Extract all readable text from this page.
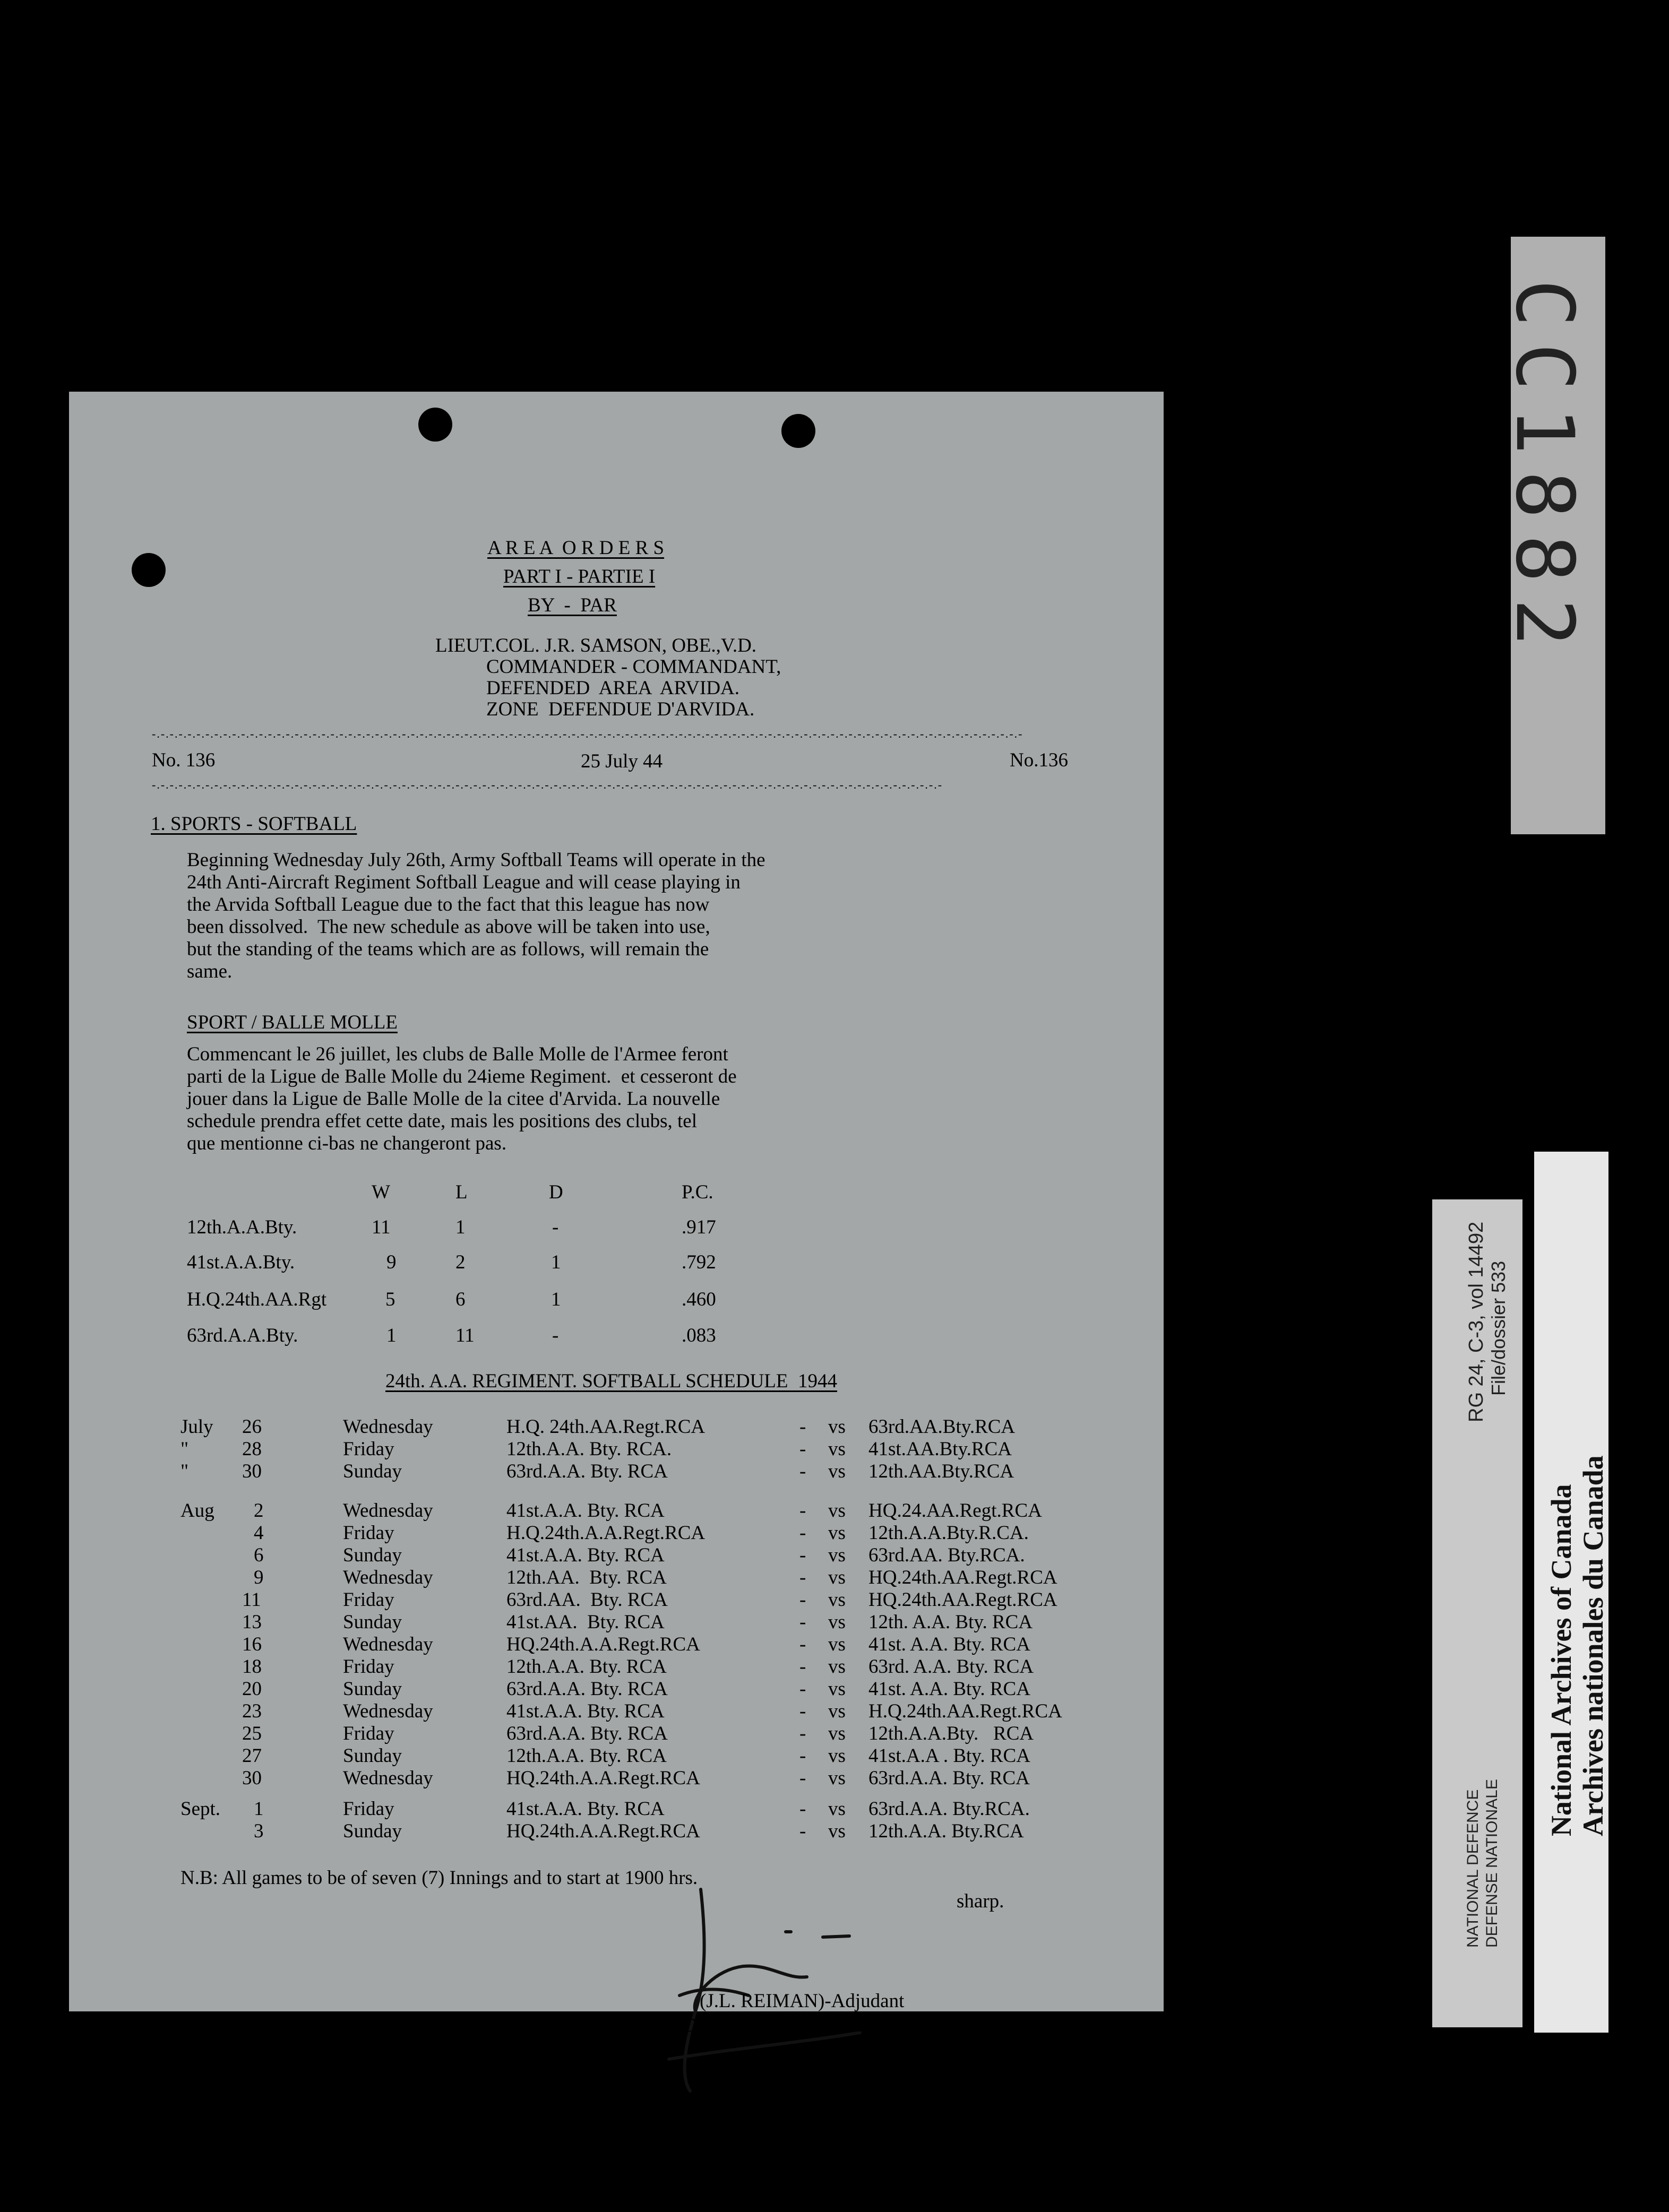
CC1882
A R E A  O R D E R S
PART I - PARTIE I
BY  -  PAR
LIEUT.COL. J.R. SAMSON, OBE.,V.D.
COMMANDER - COMMANDANT,
DEFENDED  AREA  ARVIDA.
ZONE  DEFENDUE D'ARVIDA.
-.-.-.-.-.-.-.-.-.-.-.-.-.-.-.-.-.-.-.-.-.-.-.-.-.-.-.-.-.-.-.-.-.-.-.-.-.-.-.-.-.-.-.-.-.-.-.-.-.-.-.-.-.-.-.-.-.-.-.-.-.-.-.-.-.-.-.-.-.-.-.-.-.-.-.-.-.-.-.-.-.-.-.-.-.-.-.-.-.-.-.-.-.-.-.-.-.-
No. 136	25 July 44	No.136
-.-.-.-.-.-.-.-.-.-.-.-.-.-.-.-.-.-.-.-.-.-.-.-.-.-.-.-.-.-.-.-.-.-.-.-.-.-.-.-.-.-.-.-.-.-.-.-.-.-.-.-.-.-.-.-.-.-.-.-.-.-.-.-.-.-.-.-.-.-.-.-.-.-.-.-.-.-.-.-.-.-.-.-.-.-.-.-.-
1. SPORTS - SOFTBALL
Beginning Wednesday July 26th, Army Softball Teams will operate in the
24th Anti-Aircraft Regiment Softball League and will cease playing in
the Arvida Softball League due to the fact that this league has now
been dissolved.  The new schedule as above will be taken into use,
but the standing of the teams which are as follows, will remain the
same.
SPORT / BALLE MOLLE
Commencant le 26 juillet, les clubs de Balle Molle de l'Armee feront
parti de la Ligue de Balle Molle du 24ieme Regiment.  et cesseront de
jouer dans la Ligue de Balle Molle de la citee d'Arvida. La nouvelle
schedule prendra effet cette date, mais les positions des clubs, tel
que mentionne ci-bas ne changeront pas.
W	L	D	P.C.
12th.A.A.Bty.	11	1	-	.917
41st.A.A.Bty.	9	2	1	.792
H.Q.24th.AA.Rgt	5	6	1	.460
63rd.A.A.Bty.	1	11	-	.083
24th. A.A. REGIMENT. SOFTBALL SCHEDULE  1944
July 26	Wednesday	H.Q. 24th.AA.Regt.RCA	- vs 63rd.AA.Bty.RCA
"	28	Friday	12th.A.A. Bty. RCA.	- vs 41st.AA.Bty.RCA
"	30	Sunday	63rd.A.A. Bty. RCA	- vs 12th.AA.Bty.RCA
Aug 2	Wednesday	41st.A.A. Bty. RCA	- vs HQ.24.AA.Regt.RCA
4	Friday	H.Q.24th.A.A.Regt.RCA	- vs 12th.A.A.Bty.R.CA.
6	Sunday	41st.A.A. Bty. RCA	- vs 63rd.AA. Bty.RCA.
9	Wednesday	12th.AA.  Bty. RCA	- vs HQ.24th.AA.Regt.RCA
11	Friday	63rd.AA.  Bty. RCA	- vs HQ.24th.AA.Regt.RCA
13	Sunday	41st.AA.  Bty. RCA	- vs 12th. A.A. Bty. RCA
16	Wednesday	HQ.24th.A.A.Regt.RCA	- vs 41st. A.A. Bty. RCA
18	Friday	12th.A.A. Bty. RCA	- vs 63rd. A.A. Bty. RCA
20	Sunday	63rd.A.A. Bty. RCA	- vs 41st. A.A. Bty. RCA
23	Wednesday	41st.A.A. Bty. RCA	- vs H.Q.24th.AA.Regt.RCA
25	Friday	63rd.A.A. Bty. RCA	- vs 12th.A.A.Bty.   RCA
27	Sunday	12th.A.A. Bty. RCA	- vs 41st.A.A . Bty. RCA
30	Wednesday	HQ.24th.A.A.Regt.RCA	- vs 63rd.A.A. Bty. RCA
Sept. 1	Friday	41st.A.A. Bty. RCA	- vs 63rd.A.A. Bty.RCA.
3	Sunday	HQ.24th.A.A.Regt.RCA	- vs 12th.A.A. Bty.RCA
N.B: All games to be of seven (7) Innings and to start at 1900 hrs.
sharp.
(J.L. REIMAN)-Adjudant
Defended Area Arvida.
RG 24, C-3, vol 14492 File/dossier 533
NATIONAL DEFENCE DEFENSE NATIONALE
National Archives of Canada Archives nationales du Canada
